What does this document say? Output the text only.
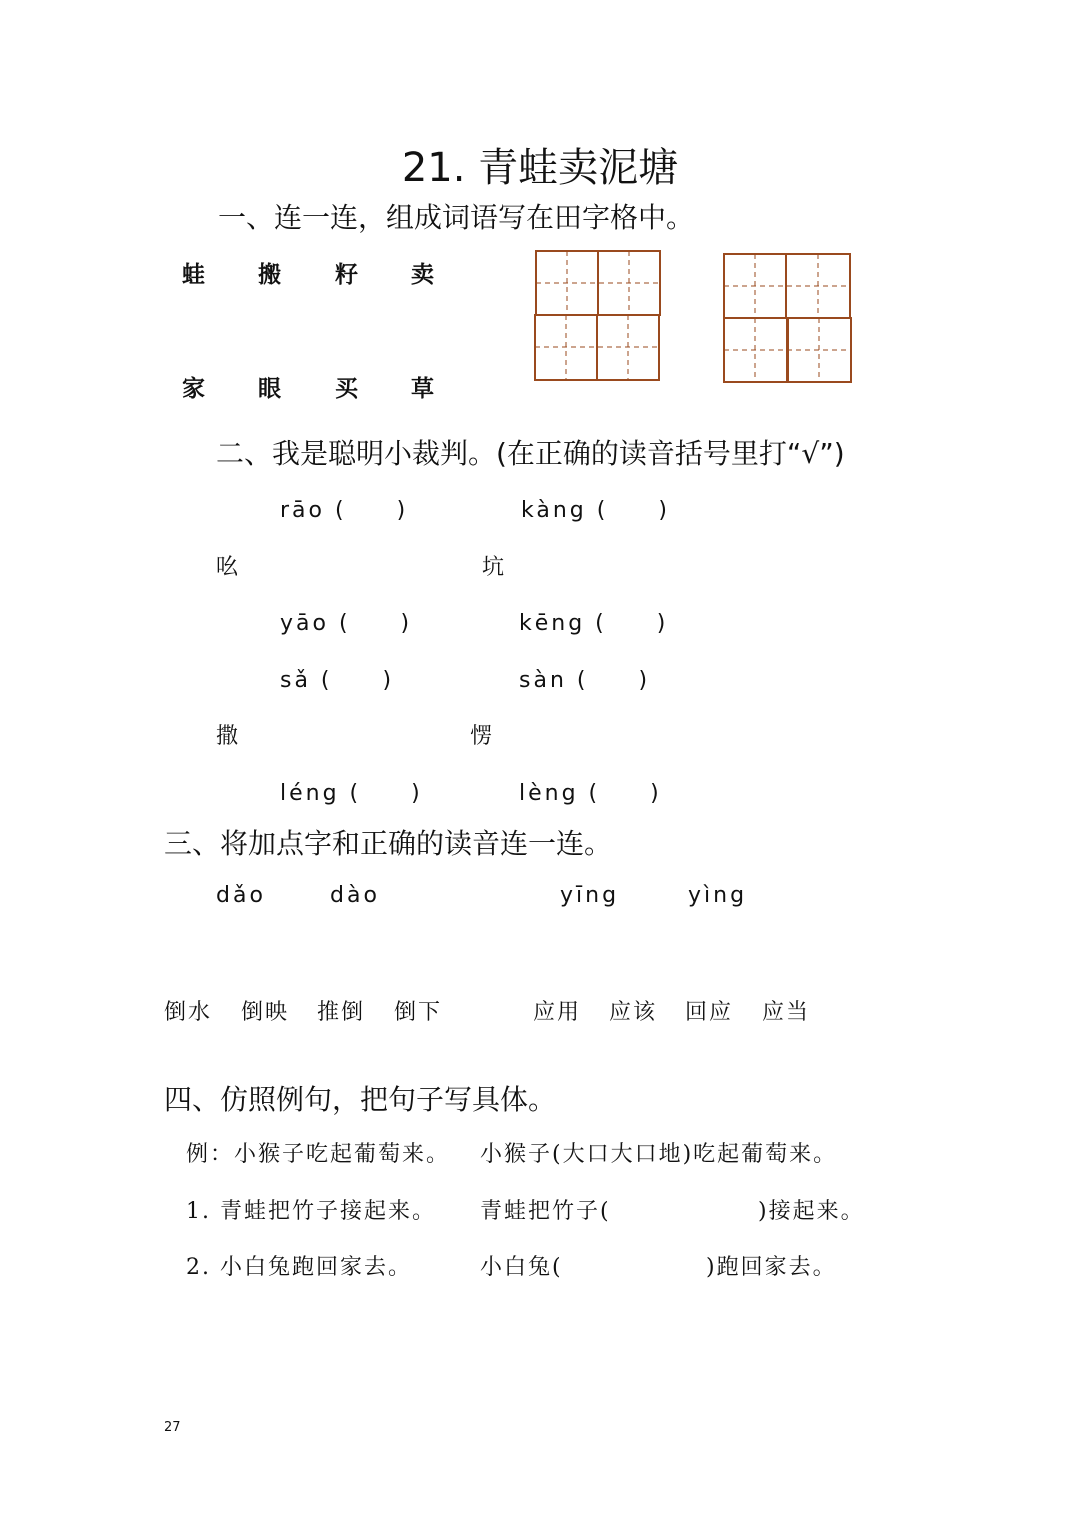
21. 青蛙卖泥塘
一、连一连，组成词语写在田字格中。
蛙 搬 籽 卖
家 眼 买 草
二、我是聪明小裁判。(在正确的读音括号里打“√”)
rāo (　　)	kàng (　　)
吆	坑
yāo (　　)	kēng (　　)
sǎ (　　)	sàn (　　)
撒	愣
léng (　　)	lèng (　　)
三、将加点字和正确的读音连一连。
dǎo	dào	yīng	yìng
倒水 倒映 推倒 倒下	应用 应该 回应 应当
四、仿照例句，把句子写具体。
例：小猴子吃起葡萄来。 小猴子(大口大口地)吃起葡萄来。
1. 青蛙把竹子接起来。 青蛙把竹子(	)接起来。
2. 小白兔跑回家去。	小白兔(	)跑回家去。
27
